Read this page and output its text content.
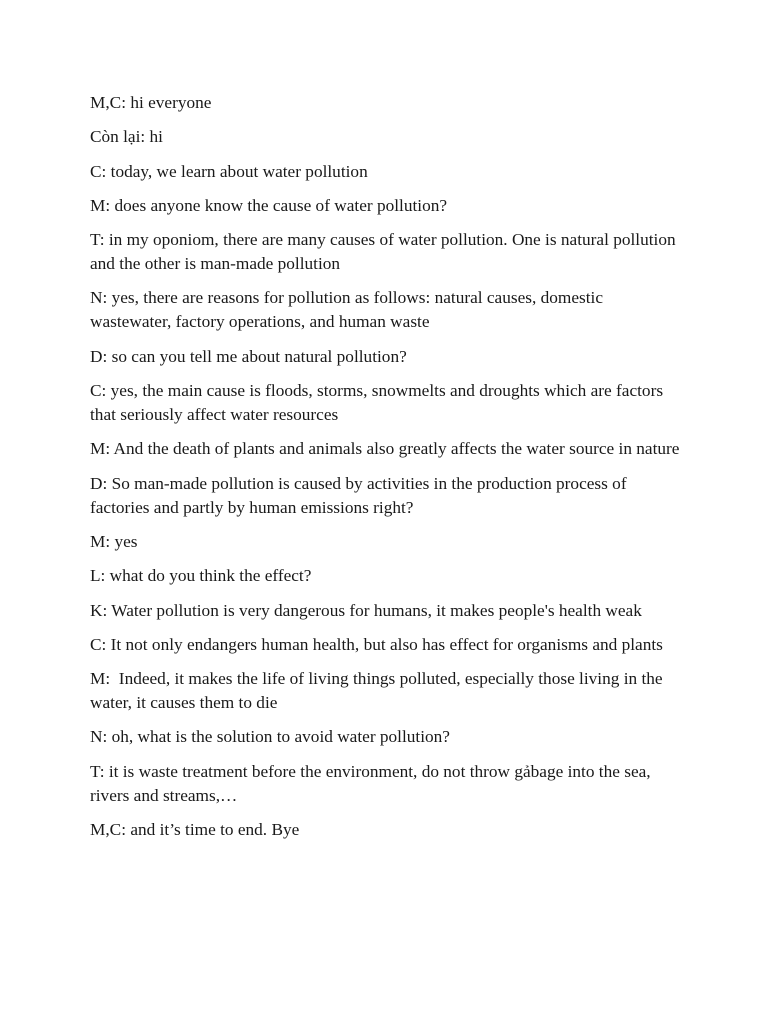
M,C: hi everyone

Còn lại: hi

C: today, we learn about water pollution

M: does anyone know the cause of water pollution?

T: in my oponiom, there are many causes of water pollution. One is natural pollution and the other is man-made pollution

N: yes, there are reasons for pollution as follows: natural causes, domestic wastewater, factory operations, and human waste

D: so can you tell me about natural pollution?

C: yes, the main cause is floods, storms, snowmelts and droughts which are factors that seriously affect water resources

M: And the death of plants and animals also greatly affects the water source in nature

D: So man-made pollution is caused by activities in the production process of factories and partly by human emissions right?

M: yes

L: what do you think the effect?

K: Water pollution is very dangerous for humans, it makes people's health weak

C: It not only endangers human health, but also has effect for organisms and plants

M:  Indeed, it makes the life of living things polluted, especially those living in the water, it causes them to die

N: oh, what is the solution to avoid water pollution?

T: it is waste treatment before the environment, do not throw gảbage into the sea, rivers and streams,…

M,C: and it’s time to end. Bye
